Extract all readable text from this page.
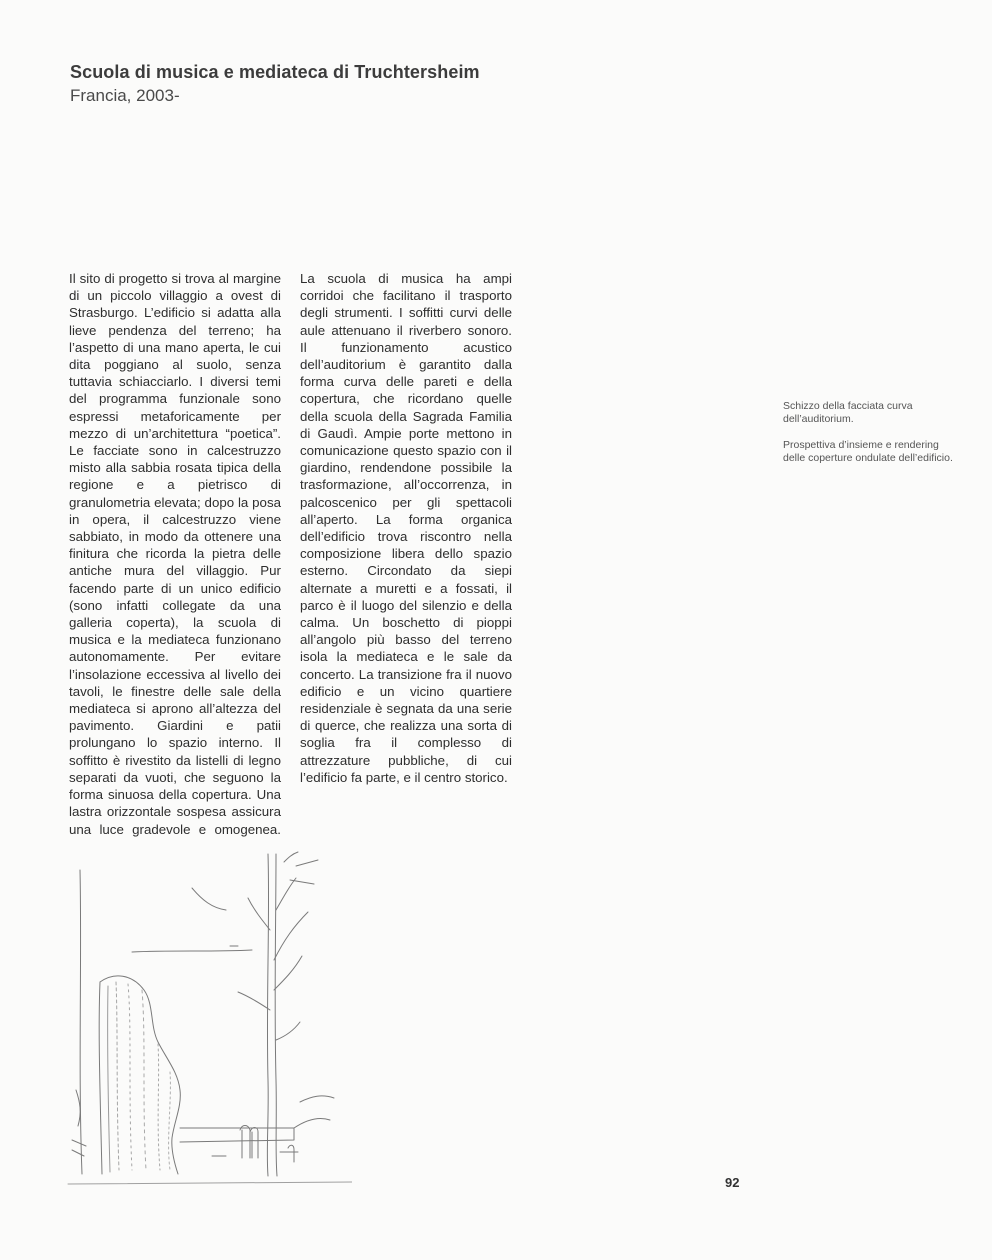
Scuola di musica e mediateca di Truchtersheim

Francia, 2003-

Il sito di progetto si trova al margine di un piccolo villaggio a ovest di Strasburgo. L’edificio si adatta alla lieve pendenza del terreno; ha l’aspetto di una mano aperta, le cui dita poggiano al suolo, senza tuttavia schiacciarlo. I diversi temi del programma funzionale sono espressi metaforicamente per mezzo di un’architettura “poetica”. Le facciate sono in calcestruzzo misto alla sabbia rosata tipica della regione e a pietrisco di granulometria elevata; dopo la posa in opera, il calcestruzzo viene sabbiato, in modo da ottenere una finitura che ricorda la pietra delle antiche mura del villaggio. Pur facendo parte di un unico edificio (sono infatti collegate da una galleria coperta), la scuola di musica e la mediateca funzionano autonomamente. Per evitare l’insolazione eccessiva al livello dei tavoli, le finestre delle sale della mediateca si aprono all’altezza del pavimento. Giardini e patii prolungano lo spazio interno. Il soffitto è rivestito da listelli di legno separati da vuoti, che seguono la forma sinuosa della copertura. Una lastra orizzontale sospesa assicura una luce gradevole e omogenea.

La scuola di musica ha ampi corridoi che facilitano il trasporto degli strumenti. I soffitti curvi delle aule attenuano il riverbero sonoro. Il funzionamento acustico dell’auditorium è garantito dalla forma curva delle pareti e della copertura, che ricordano quelle della scuola della Sagrada Familia di Gaudì. Ampie porte mettono in comunicazione questo spazio con il giardino, rendendone possibile la trasformazione, all’occorrenza, in palcoscenico per gli spettacoli all’aperto. La forma organica dell’edificio trova riscontro nella composizione libera dello spazio esterno. Circondato da siepi alternate a muretti e a fossati, il parco è il luogo del silenzio e della calma. Un boschetto di pioppi all’angolo più basso del terreno isola la mediateca e le sale da concerto. La transizione fra il nuovo edificio e un vicino quartiere residenziale è segnata da una serie di querce, che realizza una sorta di soglia fra il complesso di attrezzature pubbliche, di cui l’edificio fa parte, e il centro storico.

Schizzo della facciata curva dell’auditorium.

Prospettiva d’insieme e rendering delle coperture ondulate dell’edificio.

92
